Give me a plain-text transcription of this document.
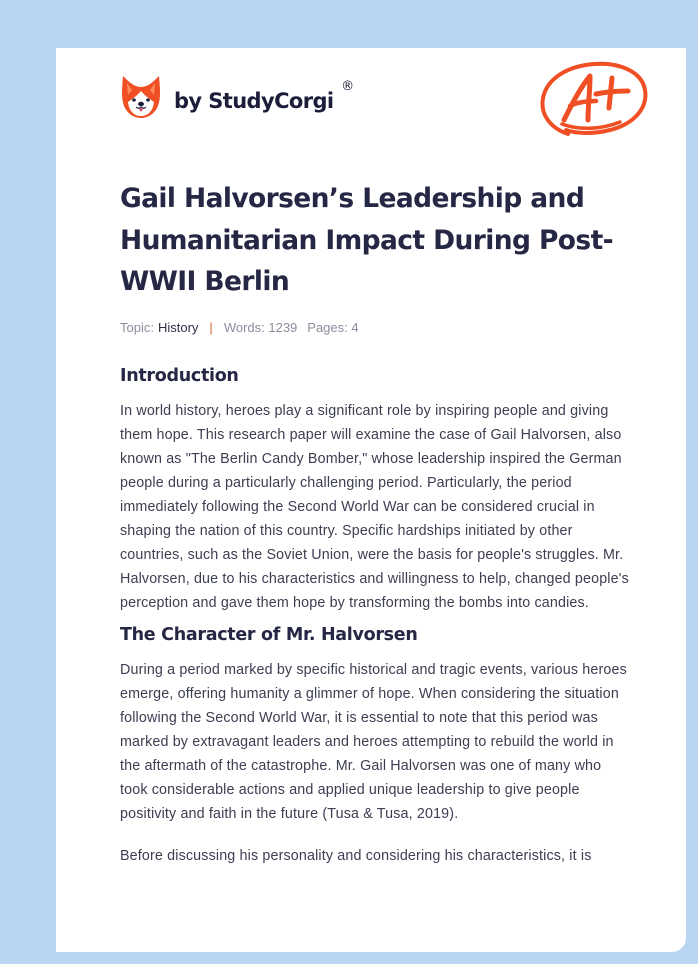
by StudyCorgi
®
Gail Halvorsen’s Leadership and Humanitarian Impact During Post-WWII Berlin
Topic: History | Words: 1239 Pages: 4
Introduction

In world history, heroes play a significant role by inspiring people and giving them hope. This research paper will examine the case of Gail Halvorsen, also known as "The Berlin Candy Bomber," whose leadership inspired the German people during a particularly challenging period. Particularly, the period immediately following the Second World War can be considered crucial in shaping the nation of this country. Specific hardships initiated by other countries, such as the Soviet Union, were the basis for people's struggles. Mr. Halvorsen, due to his characteristics and willingness to help, changed people's perception and gave them hope by transforming the bombs into candies.

The Character of Mr. Halvorsen

During a period marked by specific historical and tragic events, various heroes emerge, offering humanity a glimmer of hope. When considering the situation following the Second World War, it is essential to note that this period was marked by extravagant leaders and heroes attempting to rebuild the world in the aftermath of the catastrophe. Mr. Gail Halvorsen was one of many who took considerable actions and applied unique leadership to give people positivity and faith in the future (Tusa & Tusa, 2019).

Before discussing his personality and considering his characteristics, it is
